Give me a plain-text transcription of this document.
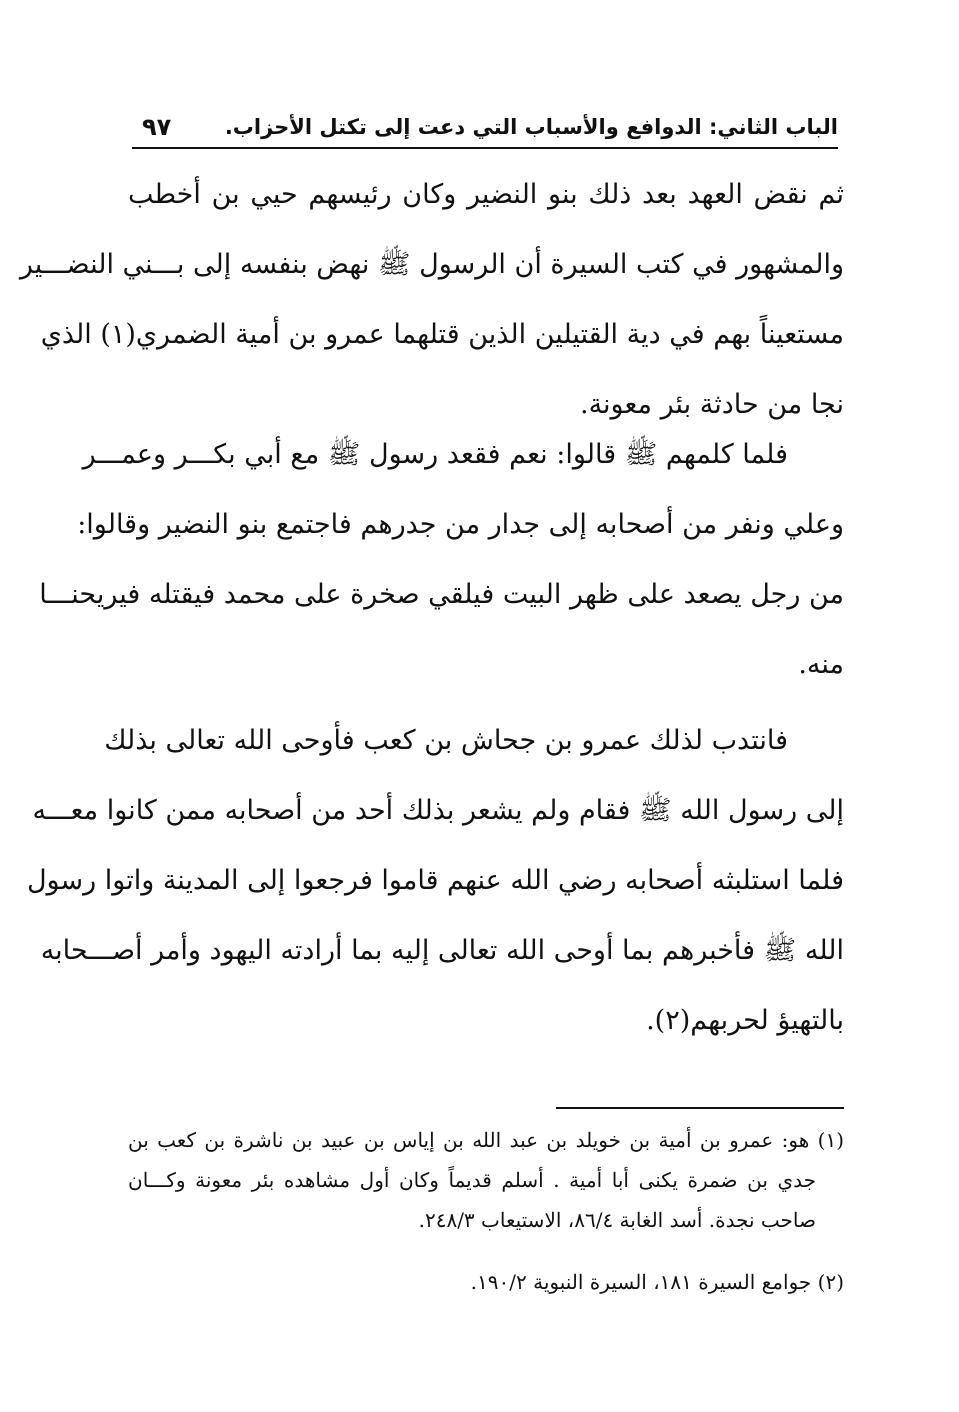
الباب الثاني: الدوافع والأسباب التي دعت إلى تكتل الأحزاب.
٩٧
ثم نقض العهد بعد ذلك بنو النضير وكان رئيسهم حيي بن أخطب
والمشهور في كتب السيرة أن الرسول ﷺ نهض بنفسه إلى بـــني النضـــير
مستعيناً بهم في دية القتيلين الذين قتلهما عمرو بن أمية الضمري(١) الذي
نجا من حادثة بئر معونة.
فلما كلمهم ﷺ قالوا: نعم فقعد رسول ﷺ مع أبي بكـــر وعمـــر
وعلي ونفر من أصحابه إلى جدار من جدرهم فاجتمع بنو النضير وقالوا:
من رجل يصعد على ظهر البيت فيلقي صخرة على محمد فيقتله فيريحنـــا
منه.
فانتدب لذلك عمرو بن جحاش بن كعب فأوحى الله تعالى بذلك
إلى رسول الله ﷺ فقام ولم يشعر بذلك أحد من أصحابه ممن كانوا معـــه
فلما استلبثه أصحابه رضي الله عنهم قاموا فرجعوا إلى المدينة واتوا رسول
الله ﷺ فأخبرهم بما أوحى الله تعالى إليه بما أرادته اليهود وأمر أصـــحابه
بالتهيؤ لحربهم(٢).
(١) هو: عمرو بن أمية بن خويلد بن عبد الله بن إياس بن عبيد بن ناشرة بن كعب بن
جدي بن ضمرة يكنى أبا أمية . أسلم قديماً وكان أول مشاهده بئر معونة وكـــان
صاحب نجدة. أسد الغابة ٨٦/٤، الاستيعاب ٢٤٨/٣.
(٢) جوامع السيرة ١٨١، السيرة النبوية ١٩٠/٢.
